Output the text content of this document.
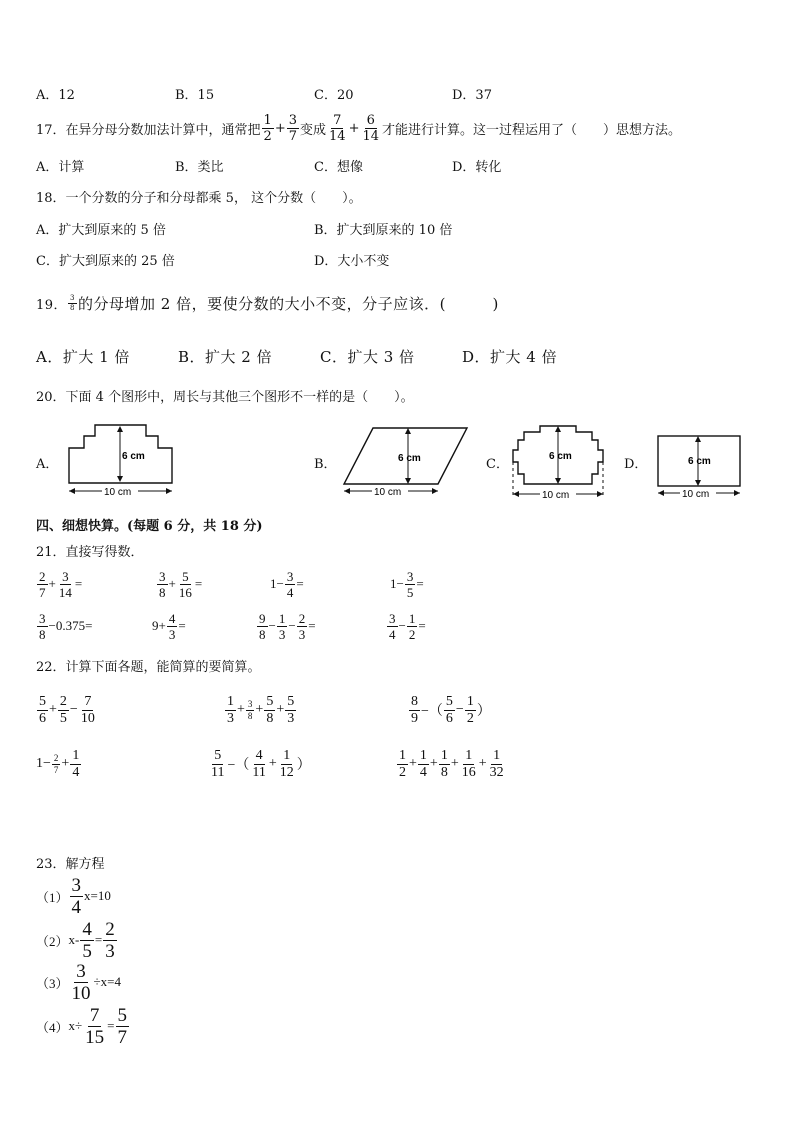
A．12	B．15	C．20	D．37
17．在异分母分数加法计算中，通常把 $\frac{1}{2} + \frac{3}{7}$ 变成 $\frac{7}{14} + \frac{6}{14}$ 才能进行计算。这一过程运用了（　　）思想方法。
A．计算	B．类比	C．想像	D．转化
18．一个分数的分子和分母都乘 5， 这个分数（　　）。
A．扩大到原来的 5 倍	B．扩大到原来的 10 倍
C．扩大到原来的 25 倍	D．大小不变
19． $\frac{3}{8}$ 的分母增加 2 倍，要使分数的大小不变，分子应该．(　　　)
A．扩大 1 倍	B．扩大 2 倍	C．扩大 3 倍	D．扩大 4 倍
20．下面 4 个图形中，周长与其他三个图形不一样的是（　　）。
A．
6 cm
10 cm
B．	6 cm
10 cm
C．
6 cm
10 cm
D．	6 cm
10 cm
四、细想快算。(每题 6 分，共 18 分)
21．直接写得数．
$\frac{2}{7} + \frac{3}{14}$ =	$\frac{3}{8} + \frac{5}{16}$ =	$1- \frac{3}{4}$ =	$1- \frac{3}{5}$ =
$\frac{3}{8} -0.375=$	$9+ \frac{4}{3}$ =	$\frac{9}{8} - \frac{1}{3} - \frac{2}{3}$ =	$\frac{3}{4} - \frac{1}{2}$ =
22．计算下面各题，能简算的要简算。
$\frac{5}{6} + \frac{2}{5} - \frac{7}{10}$	$\frac{1}{3} + \frac{3}{8} + \frac{5}{8} + \frac{5}{3}$	$\frac{8}{9}$ −（ $\frac{5}{6} - \frac{1}{2}$ ）
$1- \frac{2}{7} + \frac{1}{4}$	$\frac{5}{11}$ −（ $\frac{4}{11} + \frac{1}{12}$ ）	$\frac{1}{2} + \frac{1}{4} + \frac{1}{8} + \frac{1}{16} + \frac{1}{32}$
23．解方程
$(1) \frac{3}{4} x=10$
（2） $x- \frac{4}{5} = \frac{2}{3}$
$(3) \frac{3}{10} \div x=4$
（4） $x\div \frac{7}{15} = \frac{5}{7}$
